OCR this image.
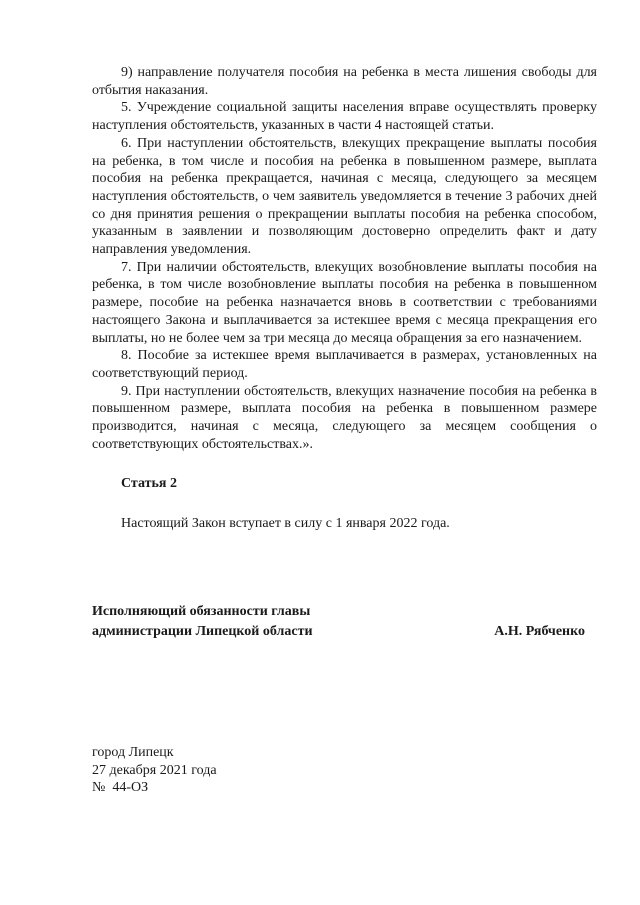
9) направление получателя пособия на ребенка в места лишения свободы для отбытия наказания.

5. Учреждение социальной защиты населения вправе осуществлять проверку наступления обстоятельств, указанных в части 4 настоящей статьи.

6. При наступлении обстоятельств, влекущих прекращение выплаты пособия на ребенка, в том числе и пособия на ребенка в повышенном размере, выплата пособия на ребенка прекращается, начиная с месяца, следующего за месяцем наступления обстоятельств, о чем заявитель уведомляется в течение 3 рабочих дней со дня принятия решения о прекращении выплаты пособия на ребенка способом, указанным в заявлении и позволяющим достоверно определить факт и дату направления уведомления.

7. При наличии обстоятельств, влекущих возобновление выплаты пособия на ребенка, в том числе возобновление выплаты пособия на ребенка в повышенном размере, пособие на ребенка назначается вновь в соответствии с требованиями настоящего Закона и выплачивается за истекшее время с месяца прекращения его выплаты, но не более чем за три месяца до месяца обращения за его назначением.

8. Пособие за истекшее время выплачивается в размерах, установленных на соответствующий период.

9. При наступлении обстоятельств, влекущих назначение пособия на ребенка в повышенном размере, выплата пособия на ребенка в повышенном размере производится, начиная с месяца, следующего за месяцем сообщения о соответствующих обстоятельствах.».

Статья 2

Настоящий Закон вступает в силу с 1 января 2022 года.

Исполняющий обязанности главы
администрации Липецкой области	А.Н. Рябченко
город Липецк
27 декабря 2021 года
№  44-ОЗ
